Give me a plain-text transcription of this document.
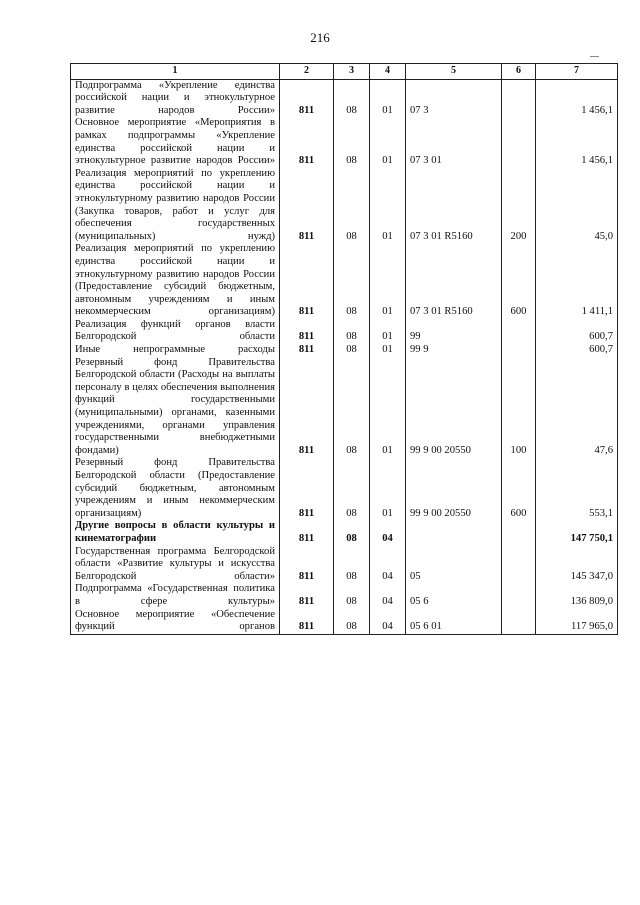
216
1	2	3	4	5	6	7
Подпрограмма «Укрепление единства российской нации и этнокультурное развитие народов России»	811	08	01	07 3		1 456,1
Основное мероприятие «Мероприятия в рамках подпрограммы «Укрепление единства российской нации и этнокультурное развитие народов России»	811	08	01	07 3 01		1 456,1
Реализация мероприятий по укреплению единства российской нации и этнокультурному развитию народов России (Закупка товаров, работ и услуг для обеспечения государственных (муниципальных) нужд)	811	08	01	07 3 01 R5160	200	45,0
Реализация мероприятий по укреплению единства российской нации и этнокультурному развитию народов России (Предоставление субсидий бюджетным, автономным учреждениям и иным некоммерческим организациям)	811	08	01	07 3 01 R5160	600	1 411,1
Реализация функций органов власти Белгородской области	811	08	01	99		600,7
Иные непрограммные расходы	811	08	01	99 9		600,7
Резервный фонд Правительства Белгородской области (Расходы на выплаты персоналу в целях обеспечения выполнения функций государственными (муниципальными) органами, казенными учреждениями, органами управления государственными внебюджетными фондами)	811	08	01	99 9 00 20550	100	47,6
Резервный фонд Правительства Белгородской области (Предоставление субсидий бюджетным, автономным учреждениям и иным некоммерческим организациям)	811	08	01	99 9 00 20550	600	553,1
Другие вопросы в области культуры и кинематографии	811	08	04			147 750,1
Государственная программа Белгородской области «Развитие культуры и искусства Белгородской области»	811	08	04	05		145 347,0
Подпрограмма «Государственная политика в сфере культуры»	811	08	04	05 6		136 809,0
Основное мероприятие «Обеспечение функций органов	811	08	04	05 6 01		117 965,0
